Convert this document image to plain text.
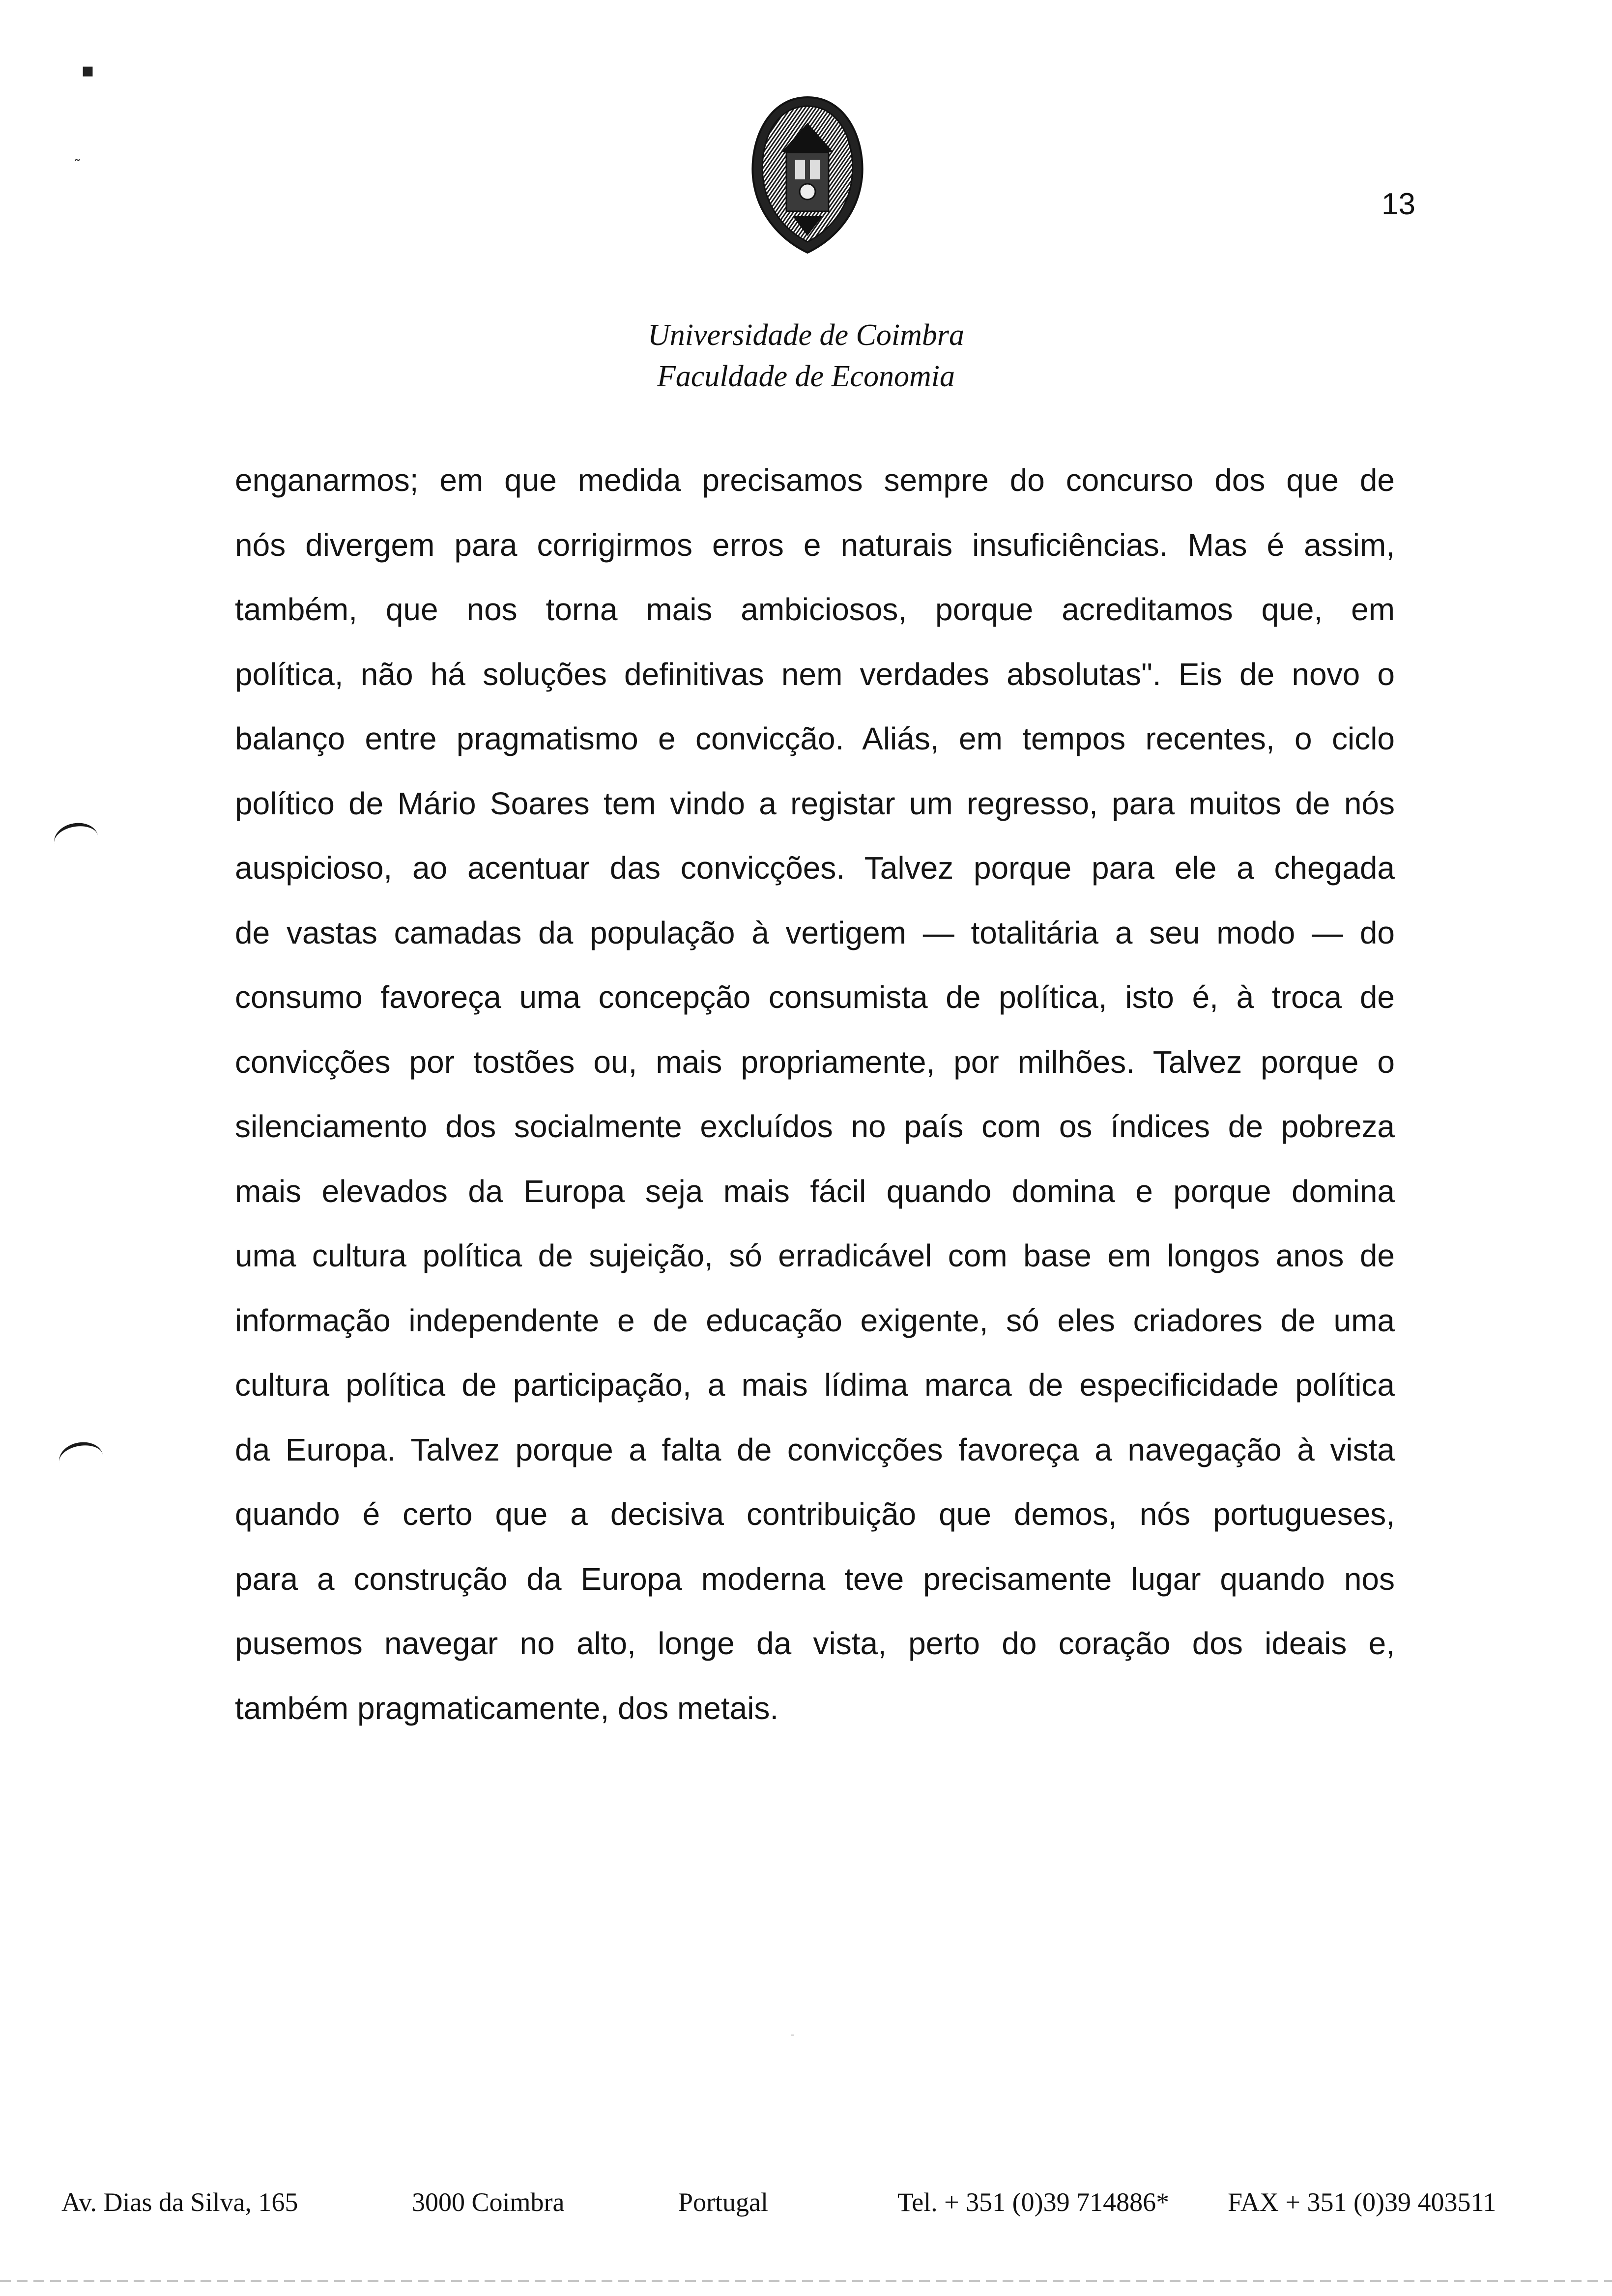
▪
˜
13
Universidade de Coimbra
Faculdade de Economia

enganarmos; em que medida precisamos sempre do concurso dos que de
nós divergem para corrigirmos erros e naturais insuficiências. Mas é assim,
também, que nos torna mais ambiciosos, porque acreditamos que, em
política, não há soluções definitivas nem verdades absolutas". Eis de novo o
balanço entre pragmatismo e convicção. Aliás, em tempos recentes, o ciclo
político de Mário Soares tem vindo a registar um regresso, para muitos de nós
auspicioso, ao acentuar das convicções. Talvez porque para ele a chegada
de vastas camadas da população à vertigem — totalitária a seu modo — do
consumo favoreça uma concepção consumista de política, isto é, à troca de
convicções por tostões ou, mais propriamente, por milhões. Talvez porque o
silenciamento dos socialmente excluídos no país com os índices de pobreza
mais elevados da Europa seja mais fácil quando domina e porque domina
uma cultura política de sujeição, só erradicável com base em longos anos de
informação independente e de educação exigente, só eles criadores de uma
cultura política de participação, a mais lídima marca de especificidade política
da Europa. Talvez porque a falta de convicções favoreça a navegação à vista
quando é certo que a decisiva contribuição que demos, nós portugueses,
para a construção da Europa moderna teve precisamente lugar quando nos
pusemos navegar no alto, longe da vista, perto do coração dos ideais e,
também pragmaticamente, dos metais.

Av. Dias da Silva, 165	3000 Coimbra	Portugal	Tel. + 351 (0)39 714886* FAX + 351 (0)39 403511
